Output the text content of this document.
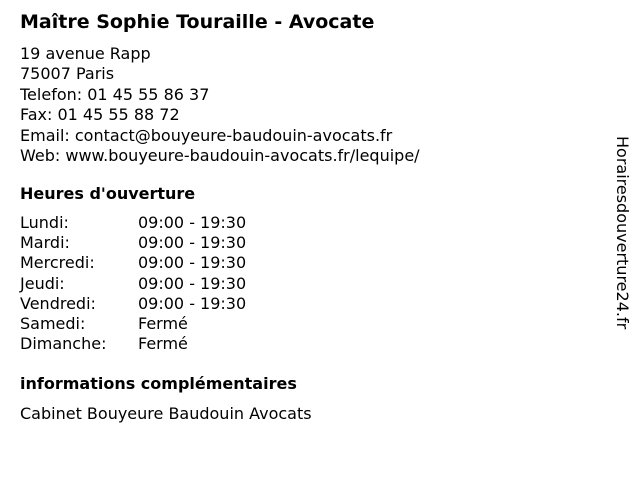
Maître Sophie Touraille - Avocate
19 avenue Rapp
75007 Paris
Telefon: 01 45 55 86 37
Fax: 01 45 55 88 72
Email: contact@bouyeure-baudouin-avocats.fr
Web: www.bouyeure-baudouin-avocats.fr/lequipe/
Heures d'ouverture
Lundi:	09:00 - 19:30
Mardi:	09:00 - 19:30
Mercredi:	09:00 - 19:30
Jeudi:	09:00 - 19:30
Vendredi:	09:00 - 19:30
Samedi:	Fermé
Dimanche: Fermé
informations complémentaires
Cabinet Bouyeure Baudouin Avocats
Horairesdouverture24.fr
